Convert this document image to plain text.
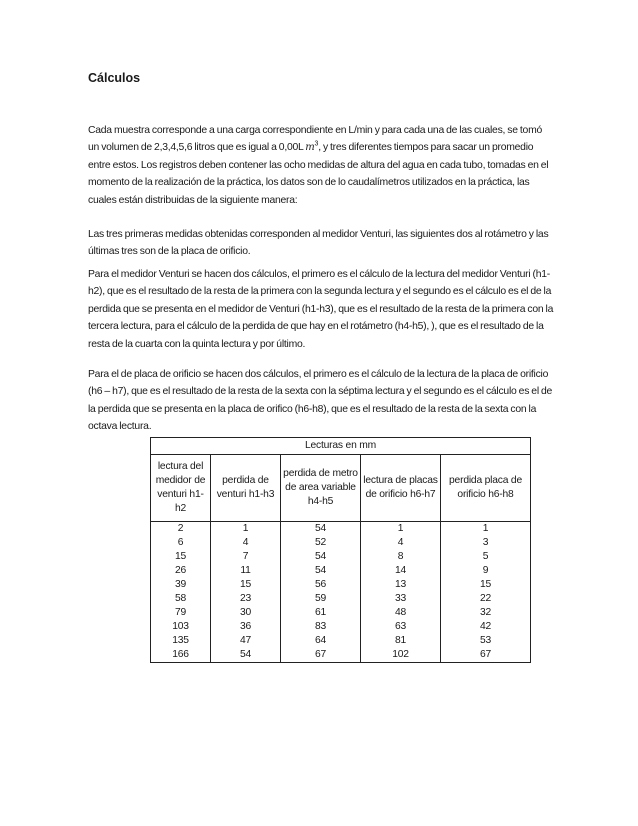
Cálculos
Cada muestra corresponde a una carga correspondiente en L/min y para cada una de las cuales, se tomó un volumen de 2,3,4,5,6 litros que es igual a 0,00L $m^3$, y tres diferentes tiempos para sacar un promedio entre estos. Los registros deben contener las ocho medidas de altura del agua en cada tubo, tomadas en el momento de la realización de la práctica, los datos son de lo caudalímetros utilizados en la práctica, las cuales están distribuidas de la siguiente manera:
Las tres primeras medidas obtenidas corresponden al medidor Venturi, las siguientes dos al rotámetro y las últimas tres son de la placa de orificio.
Para el medidor Venturi se hacen dos cálculos, el primero es el cálculo de la lectura del medidor Venturi (h1- h2), que es el resultado de la resta de la primera con la segunda lectura y el segundo es el cálculo es el de la perdida que se presenta en el medidor de Venturi (h1-h3), que es el resultado de la resta de la primera con la tercera lectura, para el cálculo de la perdida de que hay en el rotámetro (h4-h5), ), que es el resultado de la resta de la cuarta con la quinta lectura y por último.
Para el de placa de orificio se hacen dos cálculos, el primero es el cálculo de la lectura de la placa de orificio (h6 – h7), que es el resultado de la resta de la sexta con la séptima lectura y el segundo es el cálculo es el de la perdida que se presenta en la placa de orifico (h6-h8), que es el resultado de la resta de la sexta con la octava lectura.
Lecturas en mm				
lectura del medidor de venturi h1-h2	perdida de venturi h1-h3	perdida de metro de area variable h4-h5	lectura de placas de orificio h6-h7	perdida placa de orificio h6-h8
2	1	54	1	1
6	4	52	4	3
15	7	54	8	5
26	11	54	14	9
39	15	56	13	15
58	23	59	33	22
79	30	61	48	32
103	36	83	63	42
135	47	64	81	53
166	54	67	102	67
